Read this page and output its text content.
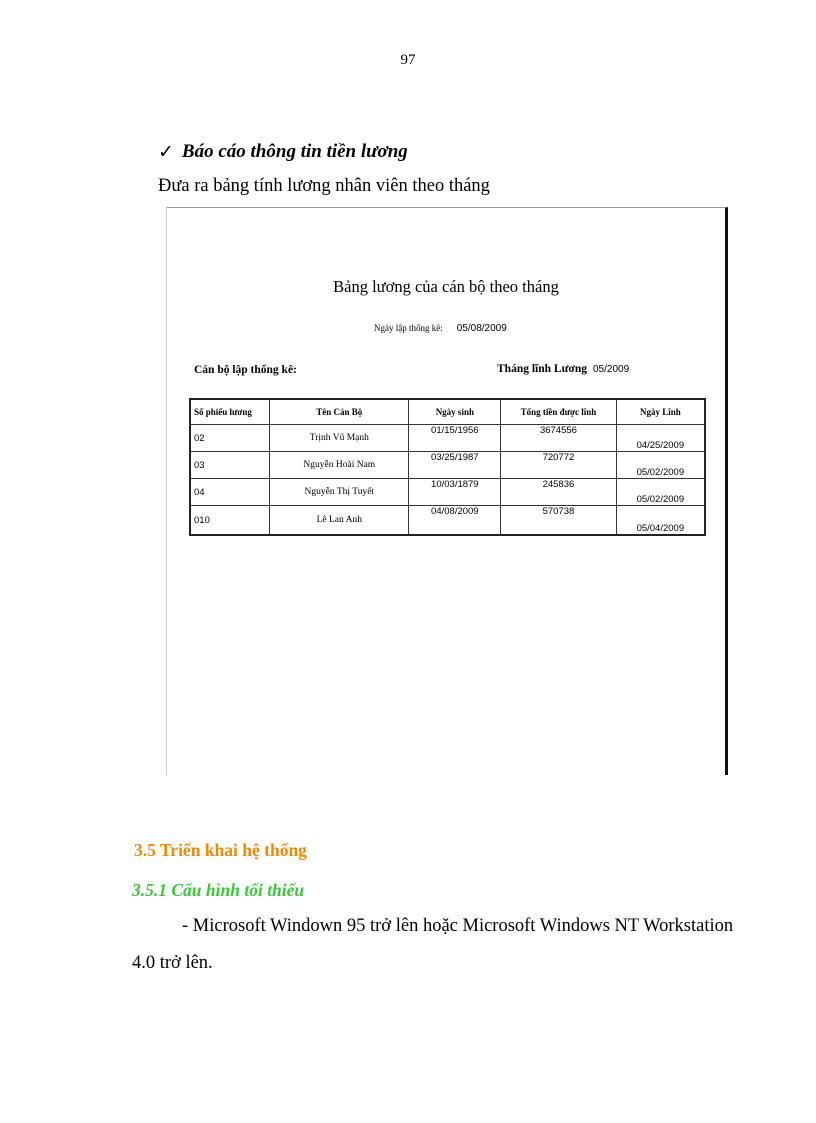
97
✓ Báo cáo thông tin tiền lương
Đưa ra bảng tính lương nhân viên theo tháng
Bảng lương của cán bộ theo tháng
Ngày lập thống kê: 05/08/2009
Cán bộ lập thống kê:	Tháng lĩnh Lương 05/2009
Số phiếu lương	Tên Cán Bộ	Ngày sinh	Tổng tiền được lĩnh	Ngày Lĩnh
02	Trịnh Vũ Mạnh	01/15/1956	3674556	04/25/2009
03	Nguyễn Hoài Nam	03/25/1987	720772	05/02/2009
04	Nguyễn Thị Tuyết	10/03/1879	245836	05/02/2009
010	Lê Lan Anh	04/08/2009	570738	05/04/2009
3.5 Triển khai hệ thống
3.5.1 Cấu hình tối thiểu
- Microsoft Windown 95 trở lên hoặc Microsoft Windows NT Workstation
4.0 trở lên.
